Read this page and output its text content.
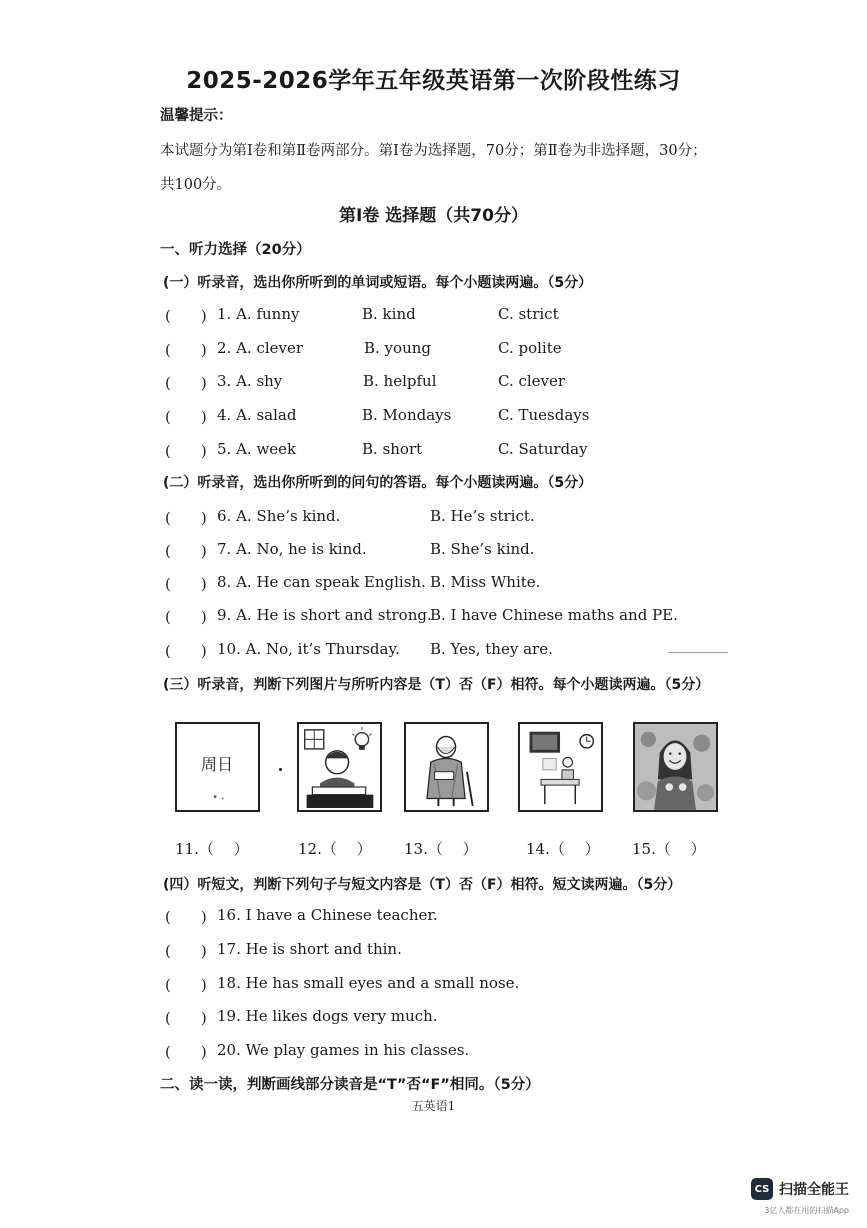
2025-2026学年五年级英语第一次阶段性练习
温馨提示：
本试题分为第Ⅰ卷和第Ⅱ卷两部分。第Ⅰ卷为选择题，70分；第Ⅱ卷为非选择题，30分；
共100分。
第Ⅰ卷 选择题（共70分）
一、听力选择（20分）
(一）听录音，选出你所听到的单词或短语。每个小题读两遍。（5分）
(　　) 1. A. funny	B. kind	C. strict
(　　) 2. A. clever	B. young	C. polite
(　　) 3. A. shy	B. helpful	C. clever
(　　) 4. A. salad	B. Mondays	C. Tuesdays
(　　) 5. A. week	B. short	C. Saturday
(二）听录音，选出你所听到的问句的答语。每个小题读两遍。（5分）
(　　) 6. A. She’s kind.	B. He’s strict.
(　　) 7. A. No, he is kind.	B. She’s kind.
(　　) 8. A. He can speak English. B. Miss White.
(　　) 9. A. He is short and strong.
B. I have Chinese maths and PE.
(　　) 10. A. No, it’s Thursday. B. Yes, they are.
(三）听录音，判断下列图片与所听内容是（T）否（F）相符。每个小题读两遍。（5分）
周日
11.（　 ）	12.（　 ） 13.（　 ）	14.（　 ） 15.（　 ）
(四）听短文，判断下列句子与短文内容是（T）否（F）相符。短文读两遍。（5分）
(　　) 16. I have a Chinese teacher.
(　　) 17. He is short and thin.
(　　) 18. He has small eyes and a small nose.
(　　) 19. He likes dogs very much.
(　　) 20. We play games in his classes.
二、读一读，判断画线部分读音是“T”否“F”相同。（5分）
五英语1
CS 扫描全能王
3亿人都在用的扫描App
